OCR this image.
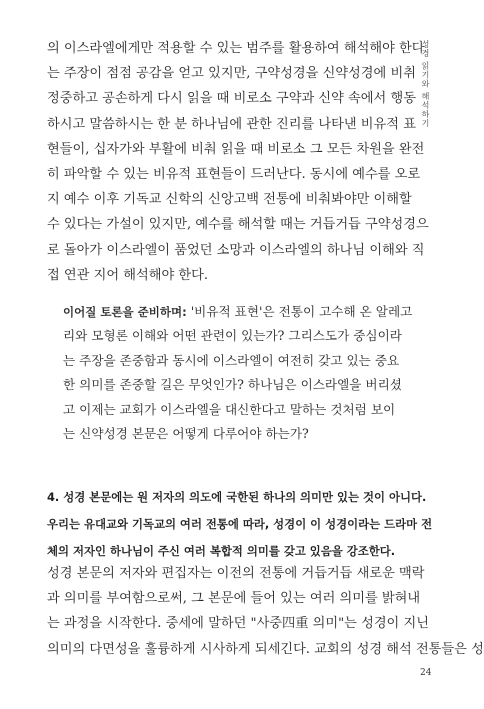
성경 읽기와 해석하기
의 이스라엘에게만 적용할 수 있는 범주를 활용하여 해석해야 한다
는 주장이 점점 공감을 얻고 있지만, 구약성경을 신약성경에 비취
정중하고 공손하게 다시 읽을 때 비로소 구약과 신약 속에서 행동
하시고 말씀하시는 한 분 하나님에 관한 진리를 나타낸 비유적 표
현들이, 십자가와 부활에 비춰 읽을 때 비로소 그 모든 차원을 완전
히 파악할 수 있는 비유적 표현들이 드러난다. 동시에 예수를 오로
지 예수 이후 기독교 신학의 신앙고백 전통에 비춰봐야만 이해할
수 있다는 가설이 있지만, 예수를 해석할 때는 거듭거듭 구약성경으
로 돌아가 이스라엘이 품었던 소망과 이스라엘의 하나님 이해와 직
접 연관 지어 해석해야 한다.
이어질 토론을 준비하며: '비유적 표현'은 전통이 고수해 온 알레고
리와 모형론 이해와 어떤 관련이 있는가? 그리스도가 중심이라
는 주장을 존중함과 동시에 이스라엘이 여전히 갖고 있는 중요
한 의미를 존중할 길은 무엇인가? 하나님은 이스라엘을 버리셨
고 이제는 교회가 이스라엘을 대신한다고 말하는 것처럼 보이
는 신약성경 본문은 어떻게 다루어야 하는가?
4. 성경 본문에는 원 저자의 의도에 국한된 하나의 의미만 있는 것이 아니다.
우리는 유대교와 기독교의 여러 전통에 따라, 성경이 이 성경이라는 드라마 전
체의 저자인 하나님이 주신 여러 복합적 의미를 갖고 있음을 강조한다.
성경 본문의 저자와 편집자는 이전의 전통에 거듭거듭 새로운 맥락
과 의미를 부여함으로써, 그 본문에 들어 있는 여러 의미를 밝혀내
는 과정을 시작한다. 중세에 말하던 "사중四重 의미"는 성경이 지닌
의미의 다면성을 훌륭하게 시사하게 되세긴다. 교회의 성경 해석 전통들은 성
24
